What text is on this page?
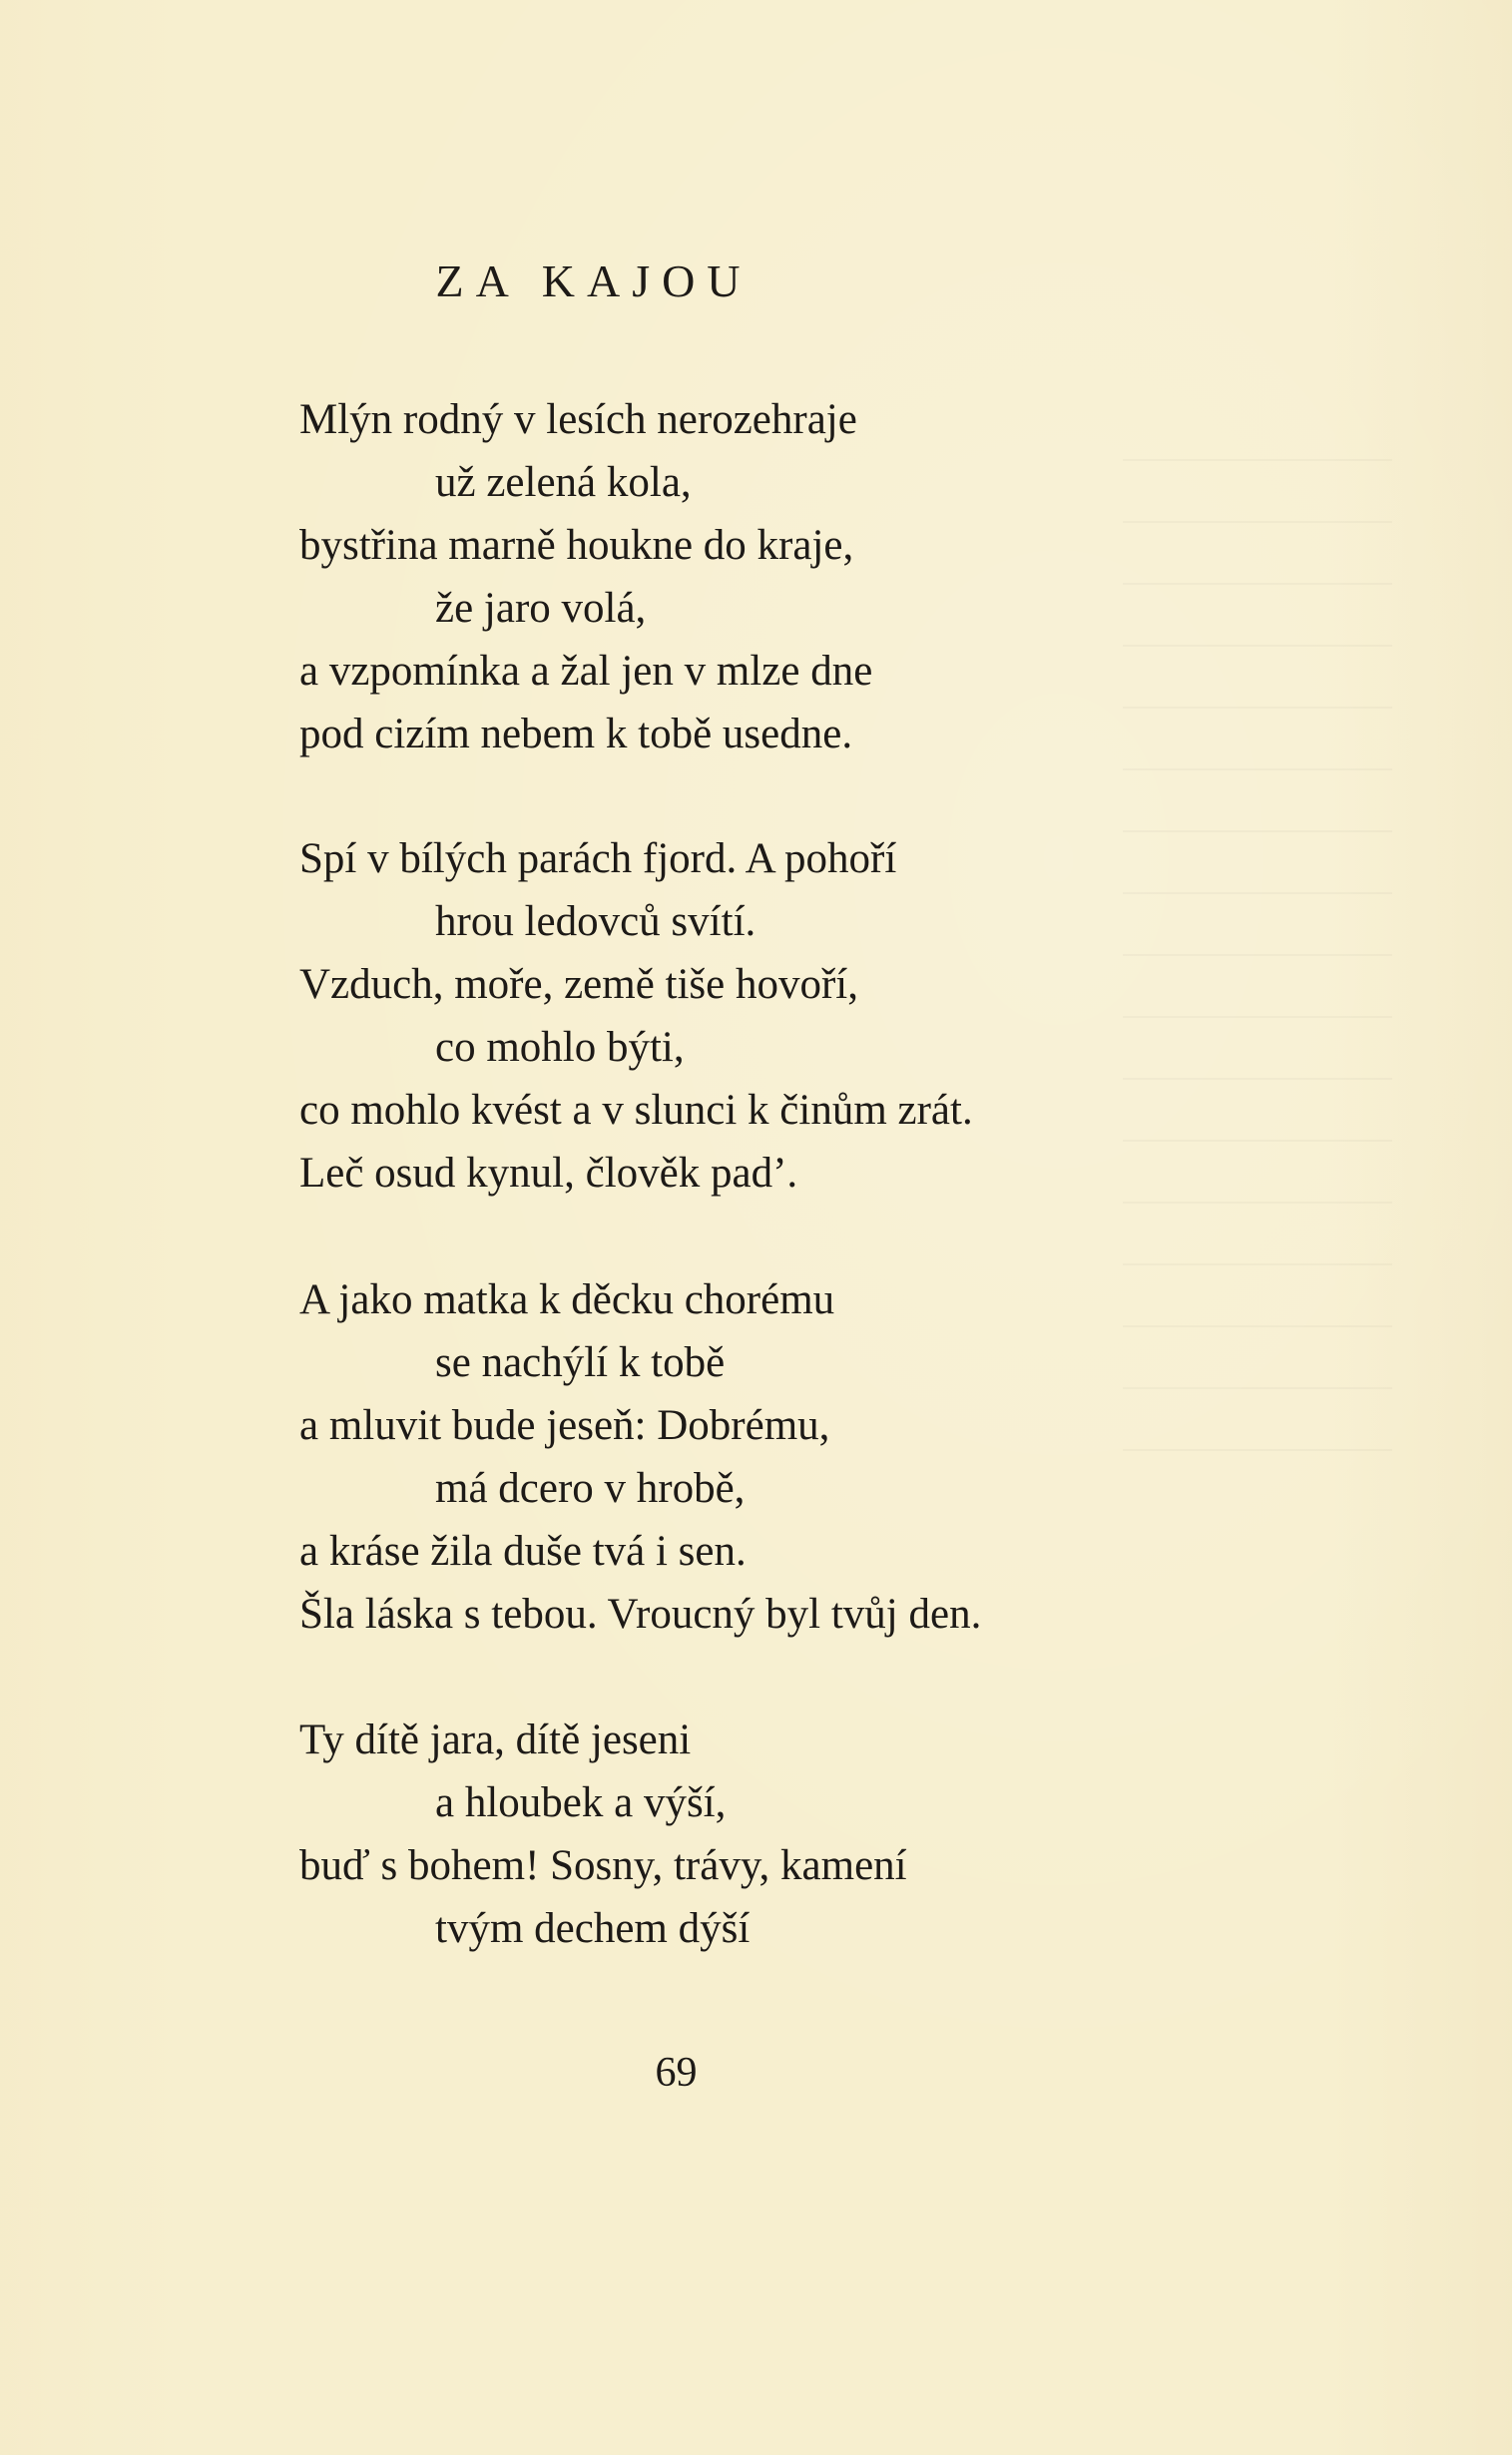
ZA KAJOU
Mlýn rodný v lesích nerozehraje
už zelená kola,
bystřina marně houkne do kraje,
že jaro volá,
a vzpomínka a žal jen v mlze dne
pod cizím nebem k tobě usedne.
Spí v bílých parách fjord. A pohoří
hrou ledovců svítí.
Vzduch, moře, země tiše hovoří,
co mohlo býti,
co mohlo kvést a v slunci k činům zrát.
Leč osud kynul, člověk pad’.
A jako matka k děcku chorému
se nachýlí k tobě
a mluvit bude jeseň: Dobrému,
má dcero v hrobě,
a kráse žila duše tvá i sen.
Šla láska s tebou. Vroucný byl tvůj den.
Ty dítě jara, dítě jeseni
a hloubek a výší,
buď s bohem! Sosny, trávy, kamení
tvým dechem dýší
69
